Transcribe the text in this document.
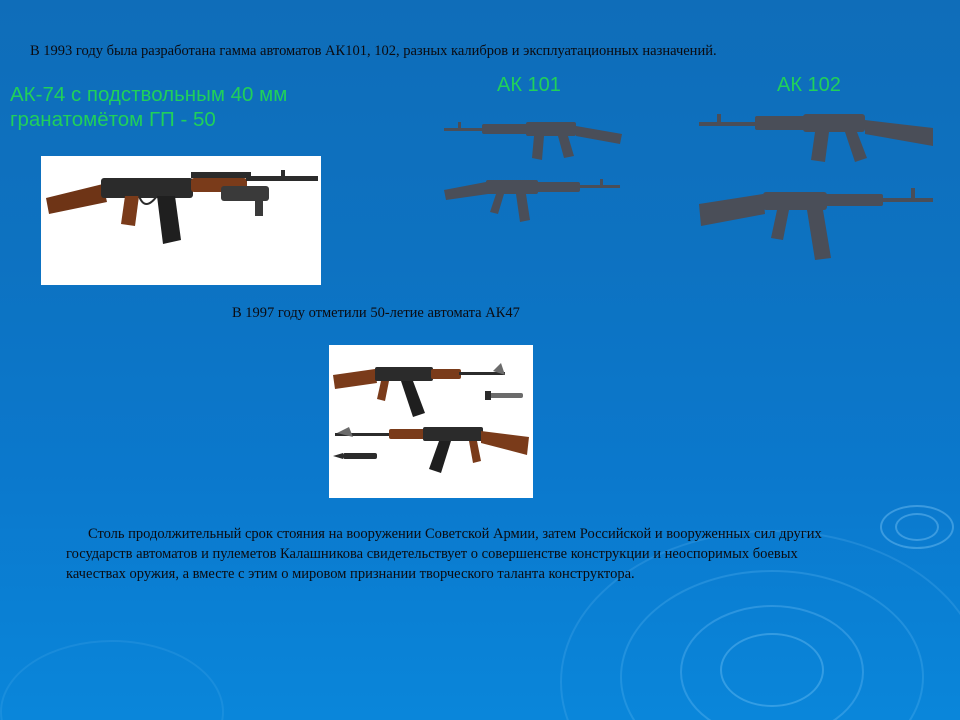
В 1993 году была разработана гамма автоматов АК101, 102, разных калибров и эксплуатационных назначений.
АК-74 с подствольным 40 мм гранатомётом ГП - 50
АК 101	АК 102
В 1997 году отметили 50-летие автомата АК47
Столь продолжительный срок стояния на вооружении Советской Армии, затем Российской и вооруженных сил других государств автоматов и пулеметов Калашникова свидетельствует о совершенстве конструкции и неоспоримых боевых качествах оружия, а вместе с этим о мировом признании творческого таланта конструктора.
